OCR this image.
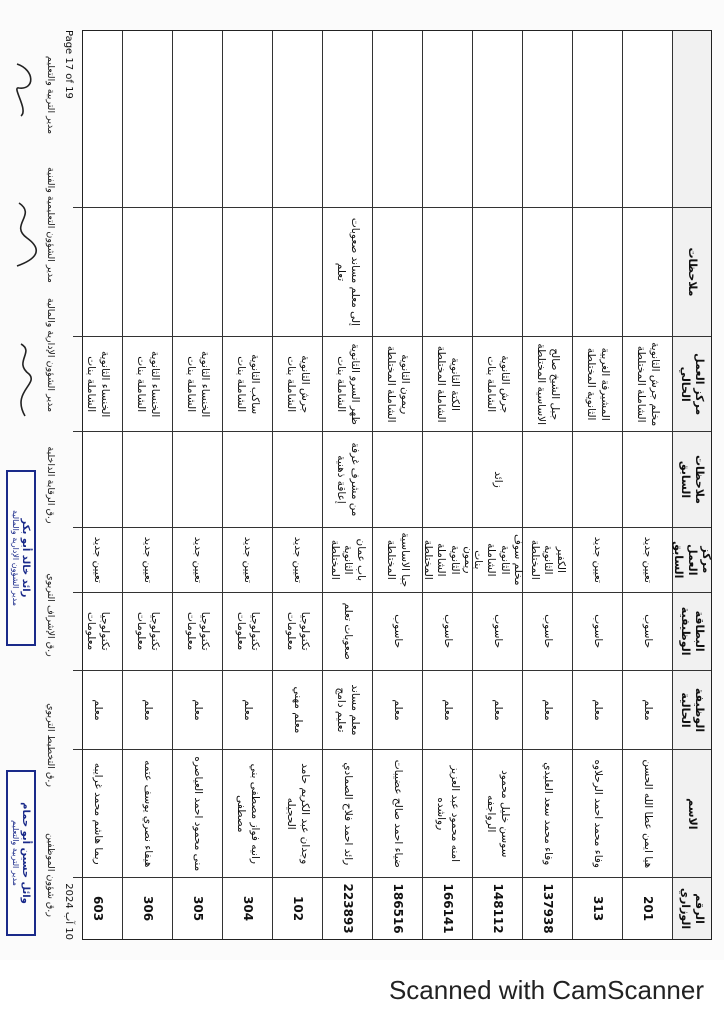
الرقم الوزاري
الاسم
الوظيفة الحالية
البطاقة الوظيفية
مركز العمل السابق
ملاحظات السابق
مركز العمل الحالي
ملاحظات
201
هيا ايمن عطا الله الحسن
معلم
حاسوب
تعيين جديد
مخلم جرش الثانوية الشاملة المختلطة
313
وفاء محمد احمد الرحلاوه
معلم
حاسوب
تعيين جديد
المشيرفة الغربية الثانوية المختلطة
137938
وفاء محمد سعد العليدي
معلم
حاسوب
الكفير الثانوية المختلطة
جبل الشيخ صالح الاساسية المختلطة
148112
سوسن خليل محمود الرواجفه
معلم
حاسوب
مخلم سوف الثانوية الشاملة بنات
زائد
جرش الثانوية الشاملة بنات
166141
امنه محمود عبد العزيز رواشده
معلم
حاسوب
ريمون الثانوية الشاملة المختلطة
الكتة الثانوية الشاملة المختلطة
186516
ضياء احمد صالح عضيبات
معلم
حاسوب
جبا الاساسية المختلطة
ريمون الثانوية الشاملة المختلطة
223893
رائد احمد فلاح الصمادي
معلم مساند تعليم دامج
صعوبات تعلم
باب عمان الثانوية المختلطة
من مشرف غرفة إعاقة ذهنية
ظهر السرو الثانوية الشاملة بنات
إلى معلم مساند صعوبات تعلم
102
وجدان عبد الكريم حامد الحجيله
معلم مهني
تكنولوجيا معلومات
تعيين جديد
جرش الثانوية الشاملة بنات
304
رانيه فواز مصطفى بني مصطفى
معلم
تكنولوجيا معلومات
تعيين جديد
ساكب الثانوية الشاملة بنات
305
منى محمود احمد العياصره
معلم
تكنولوجيا معلومات
تعيين جديد
الخنساء الثانوية الشاملة بنات
306
هيفاء نصري يوسف عتمه
معلم
تكنولوجيا معلومات
تعيين جديد
الخنساء الثانوية الشاملة بنات
603
ربما هاشم محمد غرايبه
معلم
تكنولوجيا معلومات
تعيين جديد
الخنساء الثانوية الشاملة بنات
10 آب 2024
Page 17 of 19
ر.ق شؤون الموظفين
ر.ق التخطيط التربوي
ر.ق الإشراف التربوي
ر.ق الرقابة الداخلية
مدير الشؤون الإدارية والمالية
مدير الشؤون التعليمية والفنية
مدير التربية والتعليم
رائد خالد أبو بكر
مدير الشؤون الإدارية والمالية
وائل حسين أبو حمام
مدير التربية والتعليم
Scanned with CamScanner
